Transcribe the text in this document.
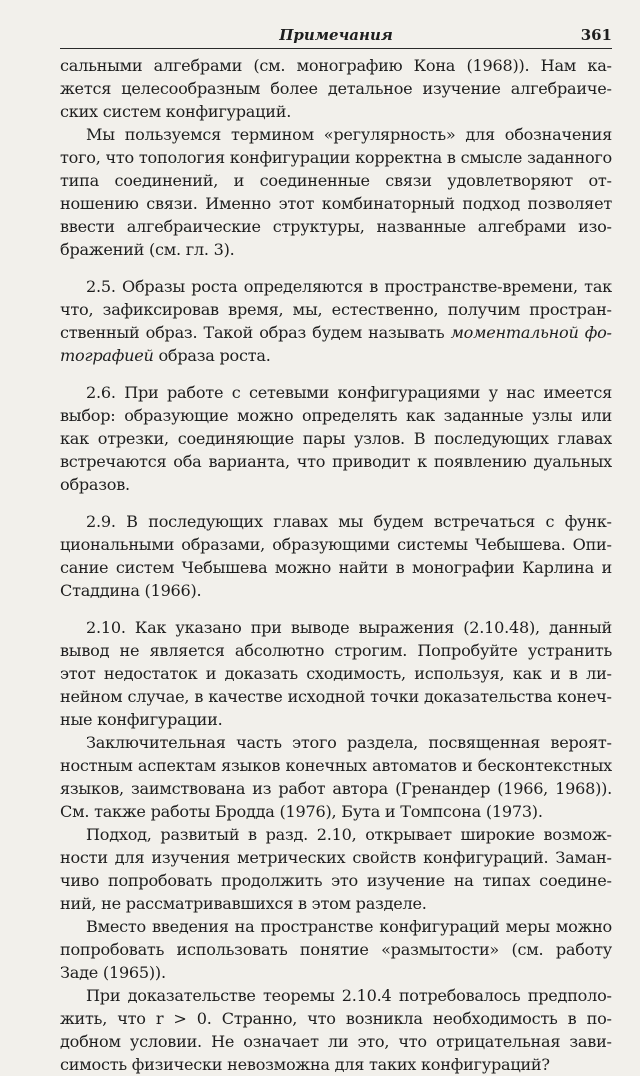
Примечания	361

сальными алгебрами (см. монографию Кона (1968)). Нам кажется целесообразным более детальное изучение алгебраических систем конфигураций.

Мы пользуемся термином «регулярность» для обозначения того, что топология конфигурации корректна в смысле заданного типа соединений, и соединенные связи удовлетворяют отношению связи. Именно этот комбинаторный подход позволяет ввести алгебраические структуры, названные алгебрами изображений (см. гл. 3).

2.5. Образы роста определяются в пространстве-времени, так что, зафиксировав время, мы, естественно, получим пространственный образ. Такой образ будем называть моментальной фотографией образа роста.

2.6. При работе с сетевыми конфигурациями у нас имеется выбор: образующие можно определять как заданные узлы или как отрезки, соединяющие пары узлов. В последующих главах встречаются оба варианта, что приводит к появлению дуальных образов.

2.9. В последующих главах мы будем встречаться с функциональными образами, образующими системы Чебышева. Описание систем Чебышева можно найти в монографии Карлина и Стаддина (1966).

2.10. Как указано при выводе выражения (2.10.48), данный вывод не является абсолютно строгим. Попробуйте устранить этот недостаток и доказать сходимость, используя, как и в линейном случае, в качестве исходной точки доказательства конечные конфигурации.

Заключительная часть этого раздела, посвященная вероятностным аспектам языков конечных автоматов и бесконтекстных языков, заимствована из работ автора (Гренандер (1966, 1968)). См. также работы Бродда (1976), Бута и Томпсона (1973).

Подход, развитый в разд. 2.10, открывает широкие возможности для изучения метрических свойств конфигураций. Заманчиво попробовать продолжить это изучение на типах соединений, не рассматривавшихся в этом разделе.

Вместо введения на пространстве конфигураций меры можно попробовать использовать понятие «размытости» (см. работу Заде (1965)).

При доказательстве теоремы 2.10.4 потребовалось предположить, что r > 0. Странно, что возникла необходимость в подобном условии. Не означает ли это, что отрицательная зависимость физически невозможна для таких конфигураций?
